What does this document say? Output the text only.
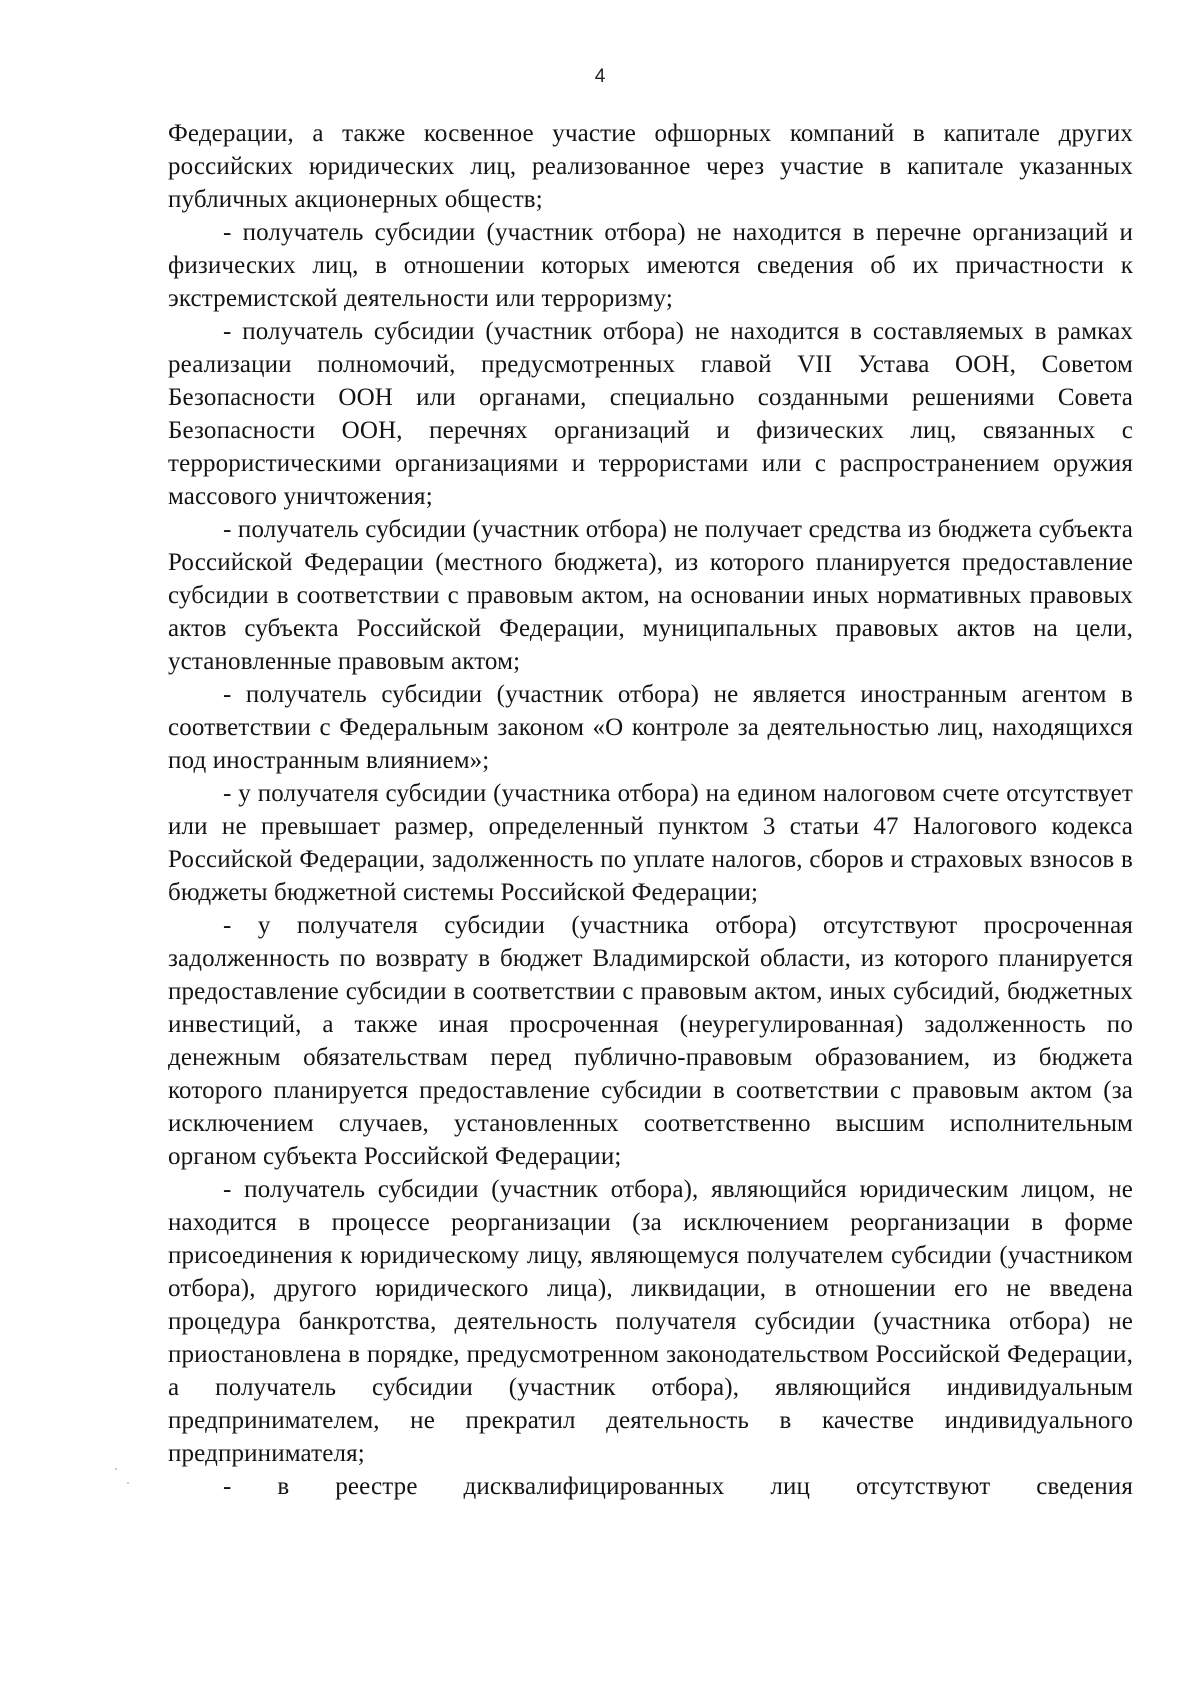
4

Федерации, а также косвенное участие офшорных компаний в капитале других российских юридических лиц, реализованное через участие в капитале указанных публичных акционерных обществ;

- получатель субсидии (участник отбора) не находится в перечне организаций и физических лиц, в отношении которых имеются сведения об их причастности к экстремистской деятельности или терроризму;

- получатель субсидии (участник отбора) не находится в составляемых в рамках реализации полномочий, предусмотренных главой VII Устава ООН, Советом Безопасности ООН или органами, специально созданными решениями Совета Безопасности ООН, перечнях организаций и физических лиц, связанных с террористическими организациями и террористами или с распространением оружия массового уничтожения;

- получатель субсидии (участник отбора) не получает средства из бюджета субъекта Российской Федерации (местного бюджета), из которого планируется предоставление субсидии в соответствии с правовым актом, на основании иных нормативных правовых актов субъекта Российской Федерации, муниципальных правовых актов на цели, установленные правовым актом;

- получатель субсидии (участник отбора) не является иностранным агентом в соответствии с Федеральным законом «О контроле за деятельностью лиц, находящихся под иностранным влиянием»;

- у получателя субсидии (участника отбора) на едином налоговом счете отсутствует или не превышает размер, определенный пунктом 3 статьи 47 Налогового кодекса Российской Федерации, задолженность по уплате налогов, сборов и страховых взносов в бюджеты бюджетной системы Российской Федерации;

- у получателя субсидии (участника отбора) отсутствуют просроченная задолженность по возврату в бюджет Владимирской области, из которого планируется предоставление субсидии в соответствии с правовым актом, иных субсидий, бюджетных инвестиций, а также иная просроченная (неурегулированная) задолженность по денежным обязательствам перед публично-правовым образованием, из бюджета которого планируется предоставление субсидии в соответствии с правовым актом (за исключением случаев, установленных соответственно высшим исполнительным органом субъекта Российской Федерации;

- получатель субсидии (участник отбора), являющийся юридическим лицом, не находится в процессе реорганизации (за исключением реорганизации в форме присоединения к юридическому лицу, являющемуся получателем субсидии (участником отбора), другого юридического лица), ликвидации, в отношении его не введена процедура банкротства, деятельность получателя субсидии (участника отбора) не приостановлена в порядке, предусмотренном законодательством Российской Федерации, а получатель субсидии (участник отбора), являющийся индивидуальным предпринимателем, не прекратил деятельность в качестве индивидуального предпринимателя;

- в реестре дисквалифицированных лиц отсутствуют сведения
